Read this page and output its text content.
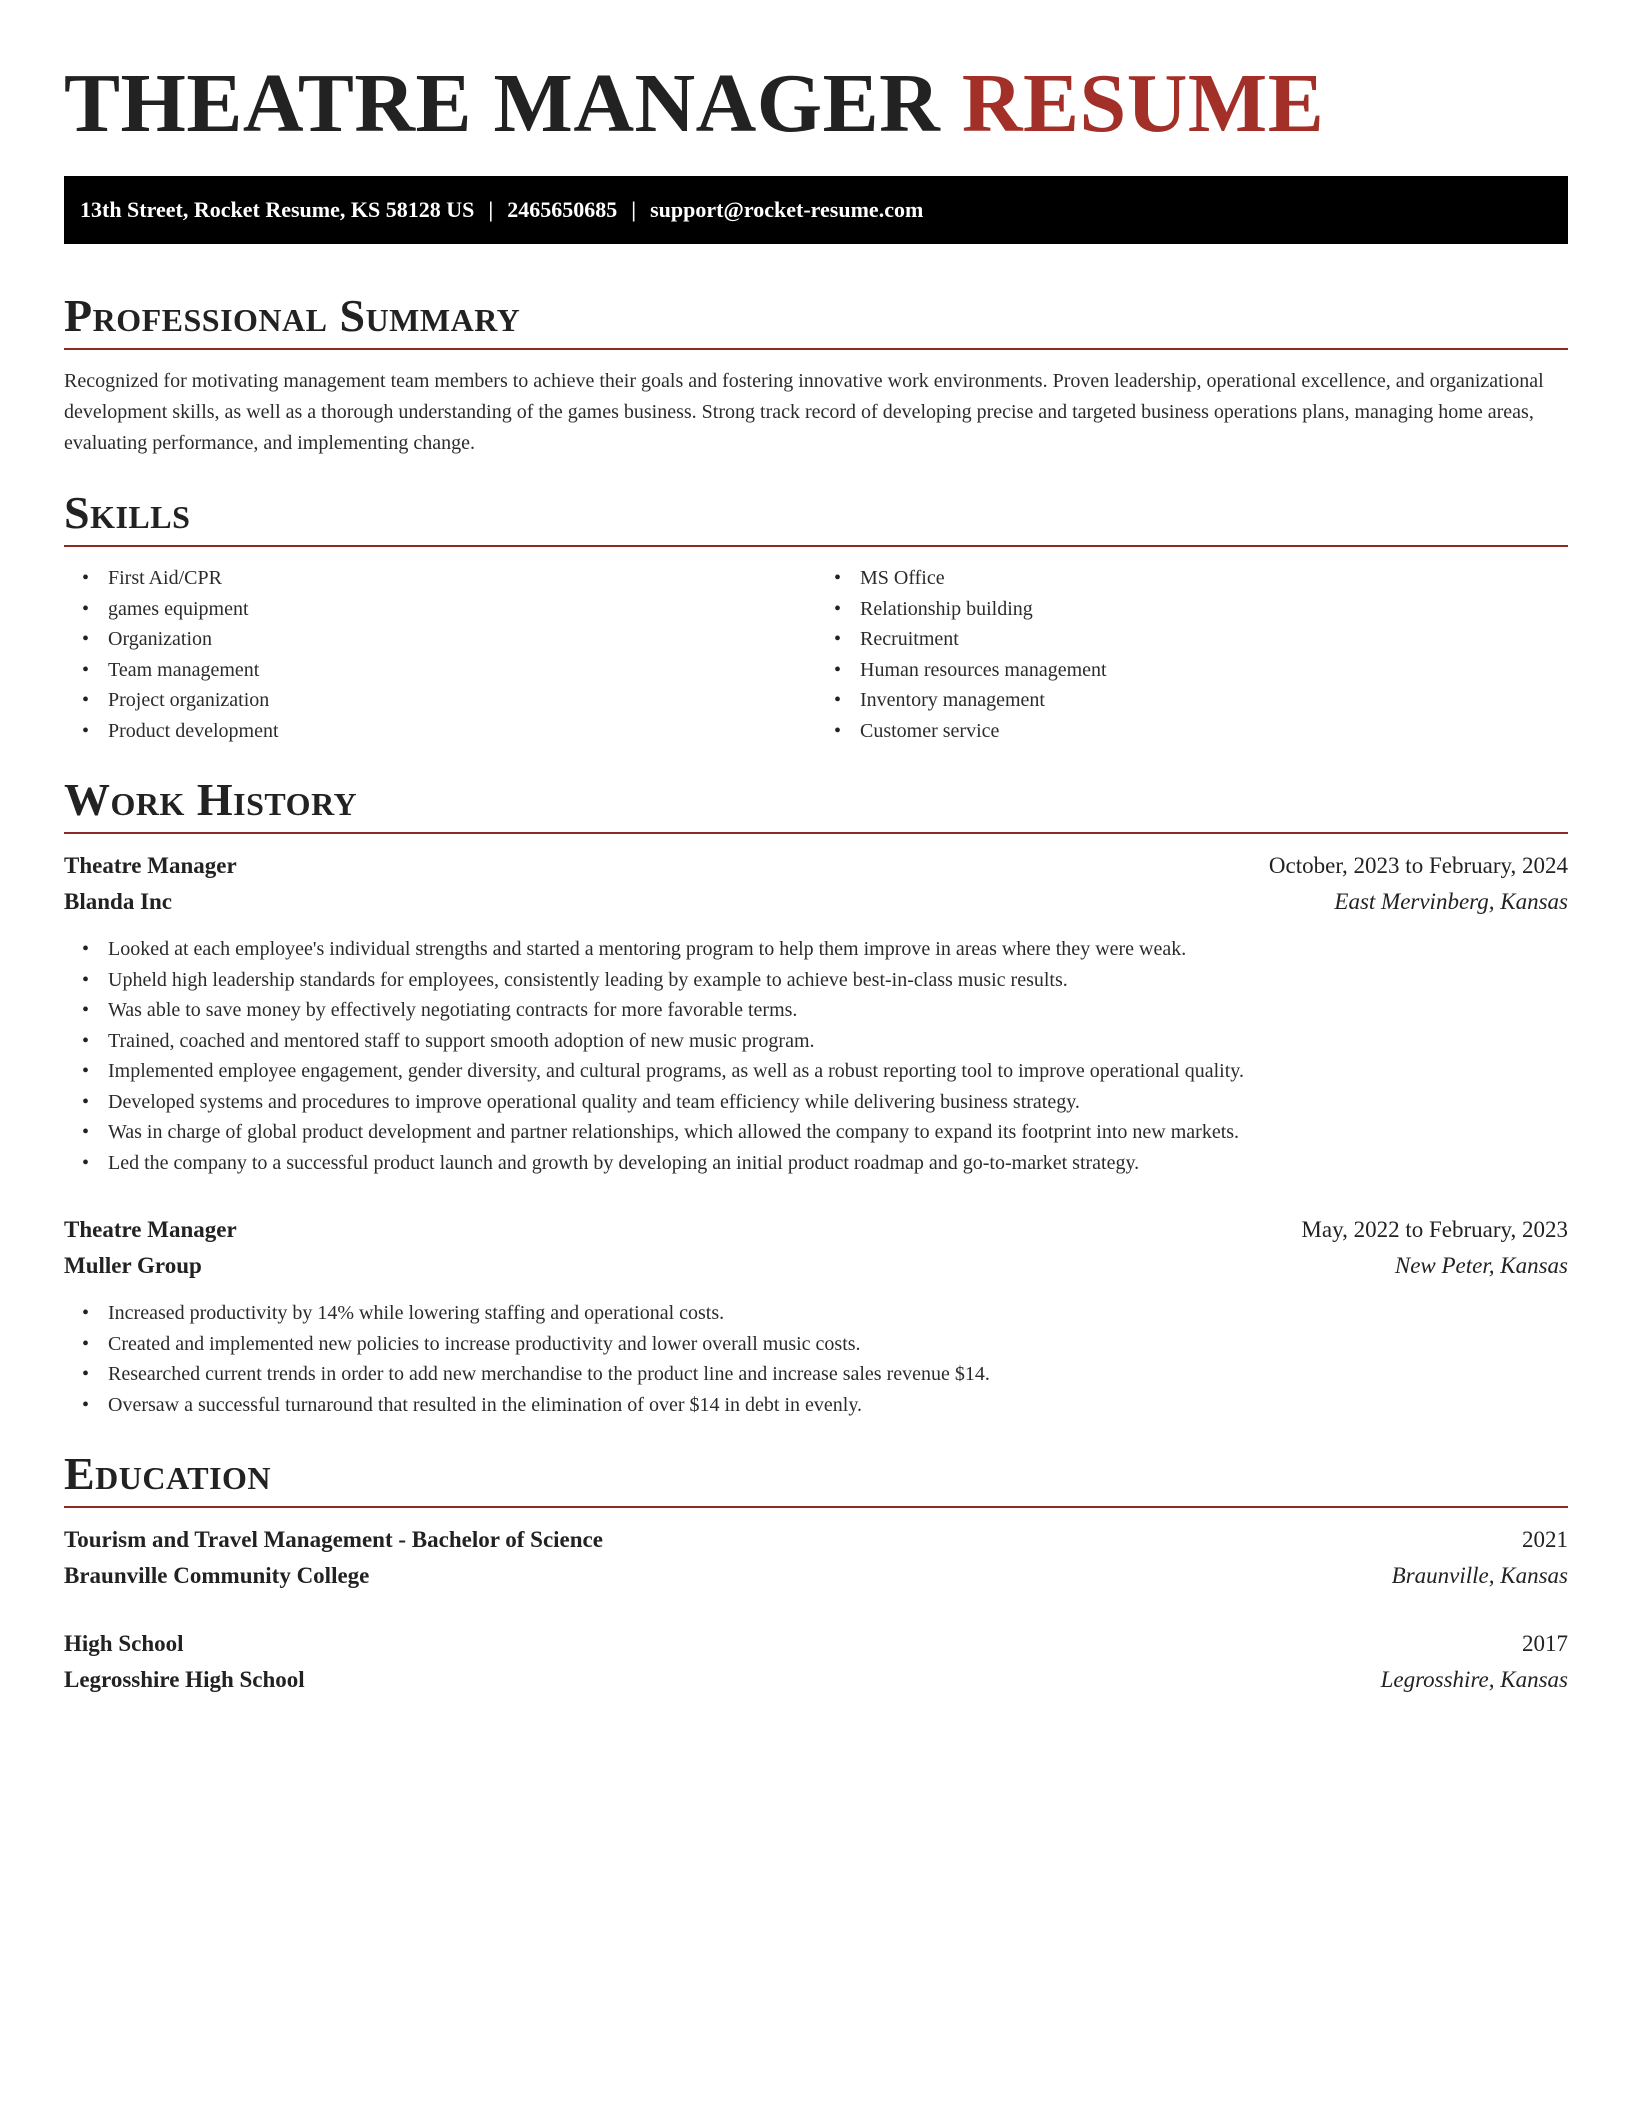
THEATRE MANAGER RESUME
13th Street, Rocket Resume, KS 58128 US | 2465650685 | support@rocket-resume.com
Professional Summary

Recognized for motivating management team members to achieve their goals and fostering innovative work environments. Proven leadership, operational excellence, and organizational development skills, as well as a thorough understanding of the games business. Strong track record of developing precise and targeted business operations plans, managing home areas, evaluating performance, and implementing change.

Skills
• First Aid/CPR
• games equipment
• Organization
• Team management
• Project organization
• Product development
• MS Office
• Relationship building
• Recruitment
• Human resources management
• Inventory management
• Customer service
Work History
Theatre Manager	October, 2023 to February, 2024
Blanda Inc	East Mervinberg, Kansas
• Looked at each employee's individual strengths and started a mentoring program to help them improve in areas where they were weak.
• Upheld high leadership standards for employees, consistently leading by example to achieve best-in-class music results.
• Was able to save money by effectively negotiating contracts for more favorable terms.
• Trained, coached and mentored staff to support smooth adoption of new music program.
• Implemented employee engagement, gender diversity, and cultural programs, as well as a robust reporting tool to improve operational quality.
• Developed systems and procedures to improve operational quality and team efficiency while delivering business strategy.
• Was in charge of global product development and partner relationships, which allowed the company to expand its footprint into new markets.
• Led the company to a successful product launch and growth by developing an initial product roadmap and go-to-market strategy.
Theatre Manager	May, 2022 to February, 2023
Muller Group	New Peter, Kansas
• Increased productivity by 14% while lowering staffing and operational costs.
• Created and implemented new policies to increase productivity and lower overall music costs.
• Researched current trends in order to add new merchandise to the product line and increase sales revenue $14.
• Oversaw a successful turnaround that resulted in the elimination of over $14 in debt in evenly.
Education
Tourism and Travel Management - Bachelor of Science	2021
Braunville Community College	Braunville, Kansas
High School	2017
Legrosshire High School	Legrosshire, Kansas
